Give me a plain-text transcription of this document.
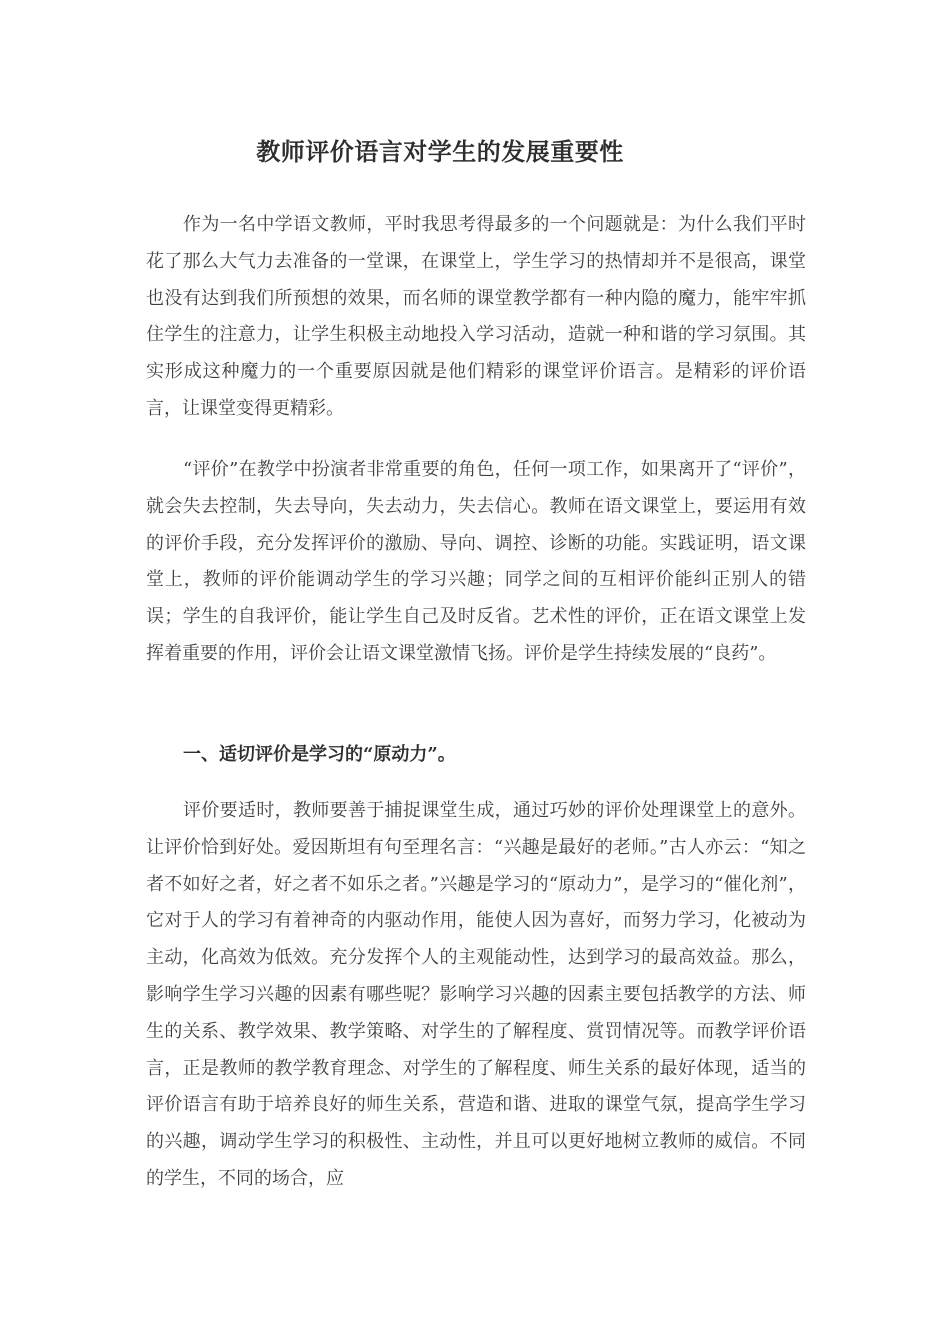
教师评价语言对学生的发展重要性

作为一名中学语文教师，平时我思考得最多的一个问题就是：为什么我们平时花了那么大气力去准备的一堂课，在课堂上，学生学习的热情却并不是很高，课堂也没有达到我们所预想的效果，而名师的课堂教学都有一种内隐的魔力，能牢牢抓住学生的注意力，让学生积极主动地投入学习活动，造就一种和谐的学习氛围。其实形成这种魔力的一个重要原因就是他们精彩的课堂评价语言。是精彩的评价语言，让课堂变得更精彩。

“评价”在教学中扮演者非常重要的角色，任何一项工作，如果离开了“评价”，就会失去控制，失去导向，失去动力，失去信心。教师在语文课堂上，要运用有效的评价手段，充分发挥评价的激励、导向、调控、诊断的功能。实践证明，语文课堂上，教师的评价能调动学生的学习兴趣；同学之间的互相评价能纠正别人的错误；学生的自我评价，能让学生自己及时反省。艺术性的评价，正在语文课堂上发挥着重要的作用，评价会让语文课堂激情飞扬。评价是学生持续发展的“良药”。

一、适切评价是学习的“原动力”。

评价要适时，教师要善于捕捉课堂生成，通过巧妙的评价处理课堂上的意外。让评价恰到好处。爱因斯坦有句至理名言：“兴趣是最好的老师。”古人亦云：“知之者不如好之者，好之者不如乐之者。”兴趣是学习的“原动力”，是学习的“催化剂”，它对于人的学习有着神奇的内驱动作用，能使人因为喜好，而努力学习，化被动为主动，化高效为低效。充分发挥个人的主观能动性，达到学习的最高效益。那么，影响学生学习兴趣的因素有哪些呢？影响学习兴趣的因素主要包括教学的方法、师生的关系、教学效果、教学策略、对学生的了解程度、赏罚情况等。而教学评价语言，正是教师的教学教育理念、对学生的了解程度、师生关系的最好体现，适当的评价语言有助于培养良好的师生关系，营造和谐、进取的课堂气氛，提高学生学习的兴趣，调动学生学习的积极性、主动性，并且可以更好地树立教师的威信。不同的学生，不同的场合，应
